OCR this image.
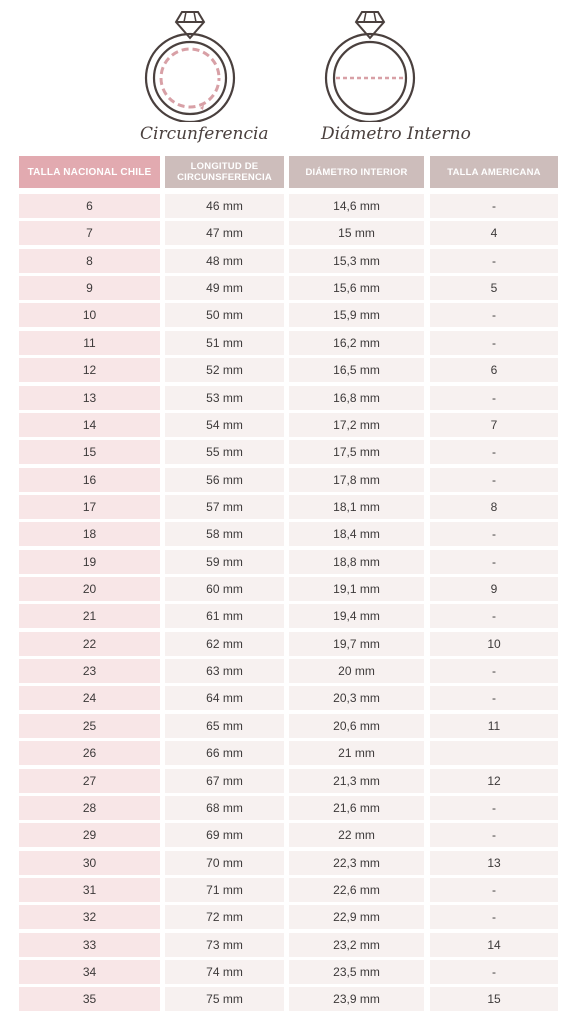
Circunferencia	Diámetro Interno
TALLA NACIONAL CHILE	LONGITUD DE CIRCUNSFERENCIA	DIÁMETRO INTERIOR	TALLA AMERICANA
6	46 mm	14,6 mm	-
7	47 mm	15 mm	4
8	48 mm	15,3 mm	-
9	49 mm	15,6 mm	5
10	50 mm	15,9 mm	-
11	51 mm	16,2 mm	-
12	52 mm	16,5 mm	6
13	53 mm	16,8 mm	-
14	54 mm	17,2 mm	7
15	55 mm	17,5 mm	-
16	56 mm	17,8 mm	-
17	57 mm	18,1 mm	8
18	58 mm	18,4 mm	-
19	59 mm	18,8 mm	-
20	60 mm	19,1 mm	9
21	61 mm	19,4 mm	-
22	62 mm	19,7 mm	10
23	63 mm	20 mm	-
24	64 mm	20,3 mm	-
25	65 mm	20,6 mm	11
26	66 mm	21 mm
27	67 mm	21,3 mm	12
28	68 mm	21,6 mm	-
29	69 mm	22 mm	-
30	70 mm	22,3 mm	13
31	71 mm	22,6 mm	-
32	72 mm	22,9 mm	-
33	73 mm	23,2 mm	14
34	74 mm	23,5 mm	-
35	75 mm	23,9 mm	15
